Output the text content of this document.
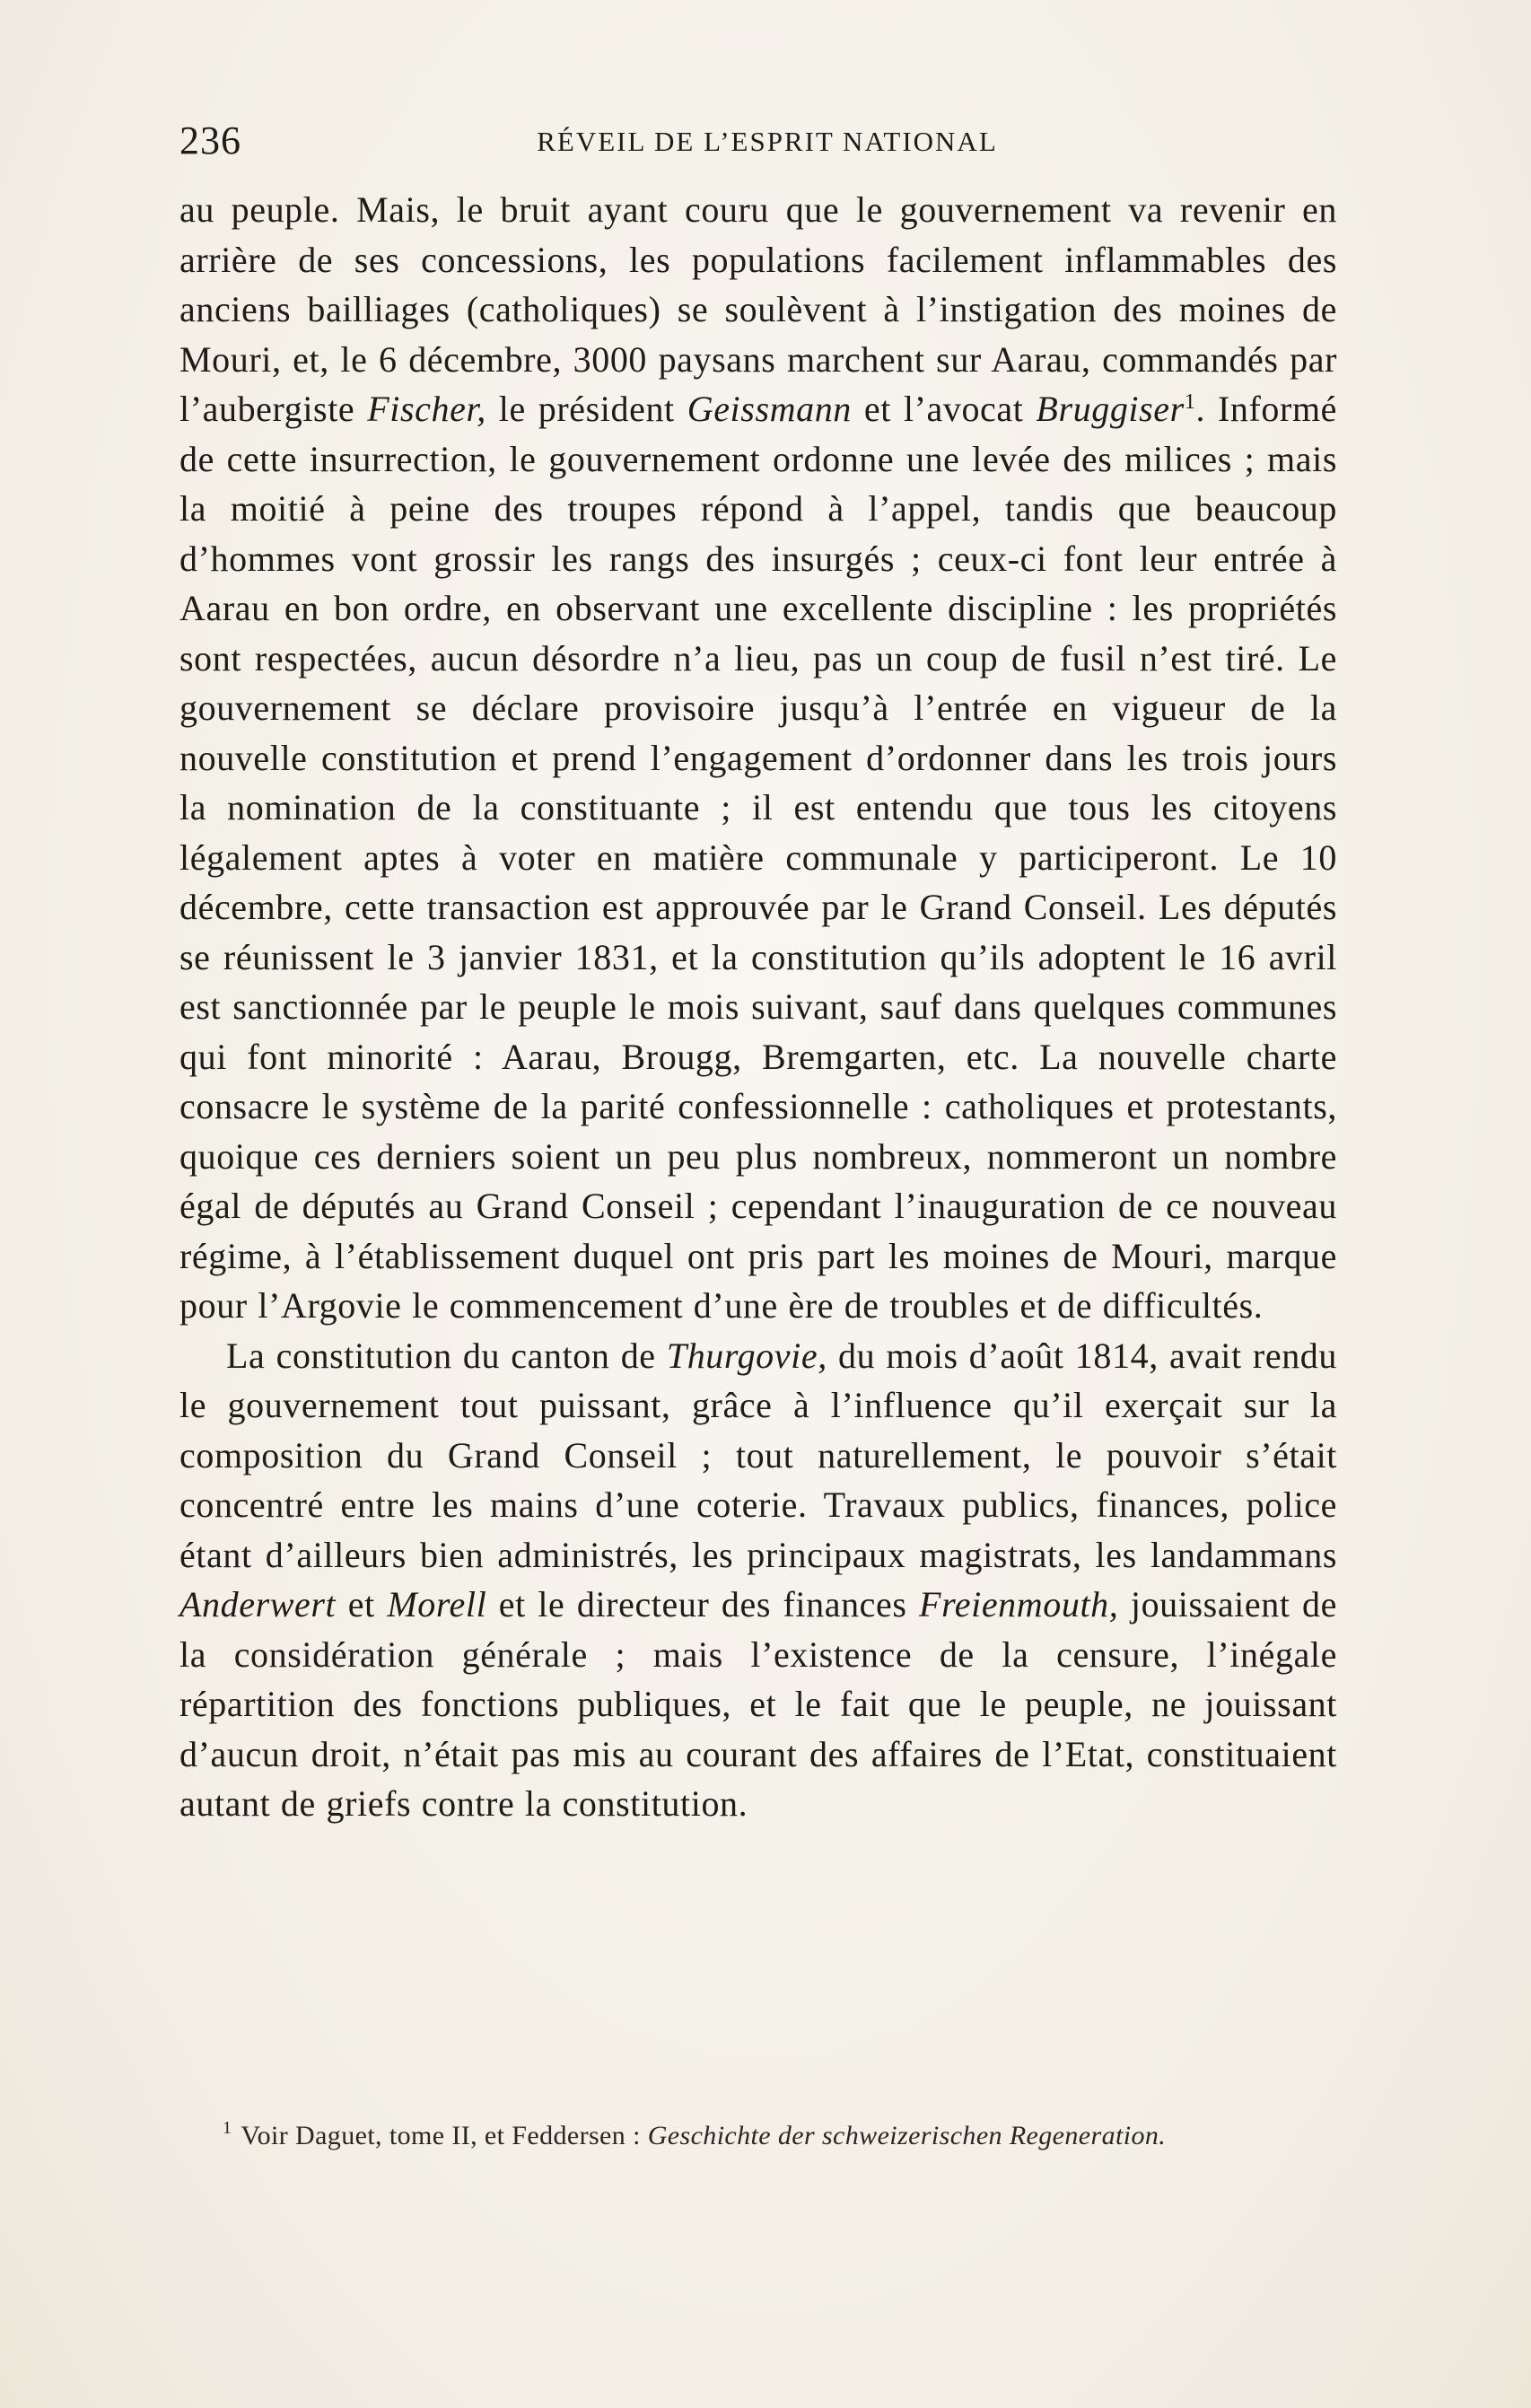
236	RÉVEIL DE L’ESPRIT NATIONAL

au peuple. Mais, le bruit ayant couru que le gouvernement va revenir en arrière de ses concessions, les populations facilement inflammables des anciens bailliages (catholiques) se soulèvent à l’instigation des moines de Mouri, et, le 6 décembre, 3000 paysans marchent sur Aarau, commandés par l’aubergiste Fischer, le président Geissmann et l’avocat Bruggiser$^1$. Informé de cette insurrection, le gouvernement ordonne une levée des milices ; mais la moitié à peine des troupes répond à l’appel, tandis que beaucoup d’hommes vont grossir les rangs des insurgés ; ceux-ci font leur entrée à Aarau en bon ordre, en observant une excellente discipline : les propriétés sont respectées, aucun désordre n’a lieu, pas un coup de fusil n’est tiré. Le gouvernement se déclare provisoire jusqu’à l’entrée en vigueur de la nouvelle constitution et prend l’engagement d’ordonner dans les trois jours la nomination de la constituante ; il est entendu que tous les citoyens légalement aptes à voter en matière communale y participeront. Le 10 décembre, cette transaction est approuvée par le Grand Conseil. Les députés se réunissent le 3 janvier 1831, et la constitution qu’ils adoptent le 16 avril est sanctionnée par le peuple le mois suivant, sauf dans quelques communes qui font minorité : Aarau, Brougg, Bremgarten, etc. La nouvelle charte consacre le système de la parité confessionnelle : catholiques et protestants, quoique ces derniers soient un peu plus nombreux, nommeront un nombre égal de députés au Grand Conseil ; cependant l’inauguration de ce nouveau régime, à l’établissement duquel ont pris part les moines de Mouri, marque pour l’Argovie le commencement d’une ère de troubles et de difficultés.

La constitution du canton de Thurgovie, du mois d’août 1814, avait rendu le gouvernement tout puissant, grâce à l’influence qu’il exerçait sur la composition du Grand Conseil ; tout naturellement, le pouvoir s’était concentré entre les mains d’une coterie. Travaux publics, finances, police étant d’ailleurs bien administrés, les principaux magistrats, les landammans Anderwert et Morell et le directeur des finances Freienmouth, jouissaient de la considération générale ; mais l’existence de la censure, l’inégale répartition des fonctions publiques, et le fait que le peuple, ne jouissant d’aucun droit, n’était pas mis au courant des affaires de l’Etat, constituaient autant de griefs contre la constitution.

$^1$ Voir Daguet, tome II, et Feddersen : Geschichte der schweizerischen Regeneration.
